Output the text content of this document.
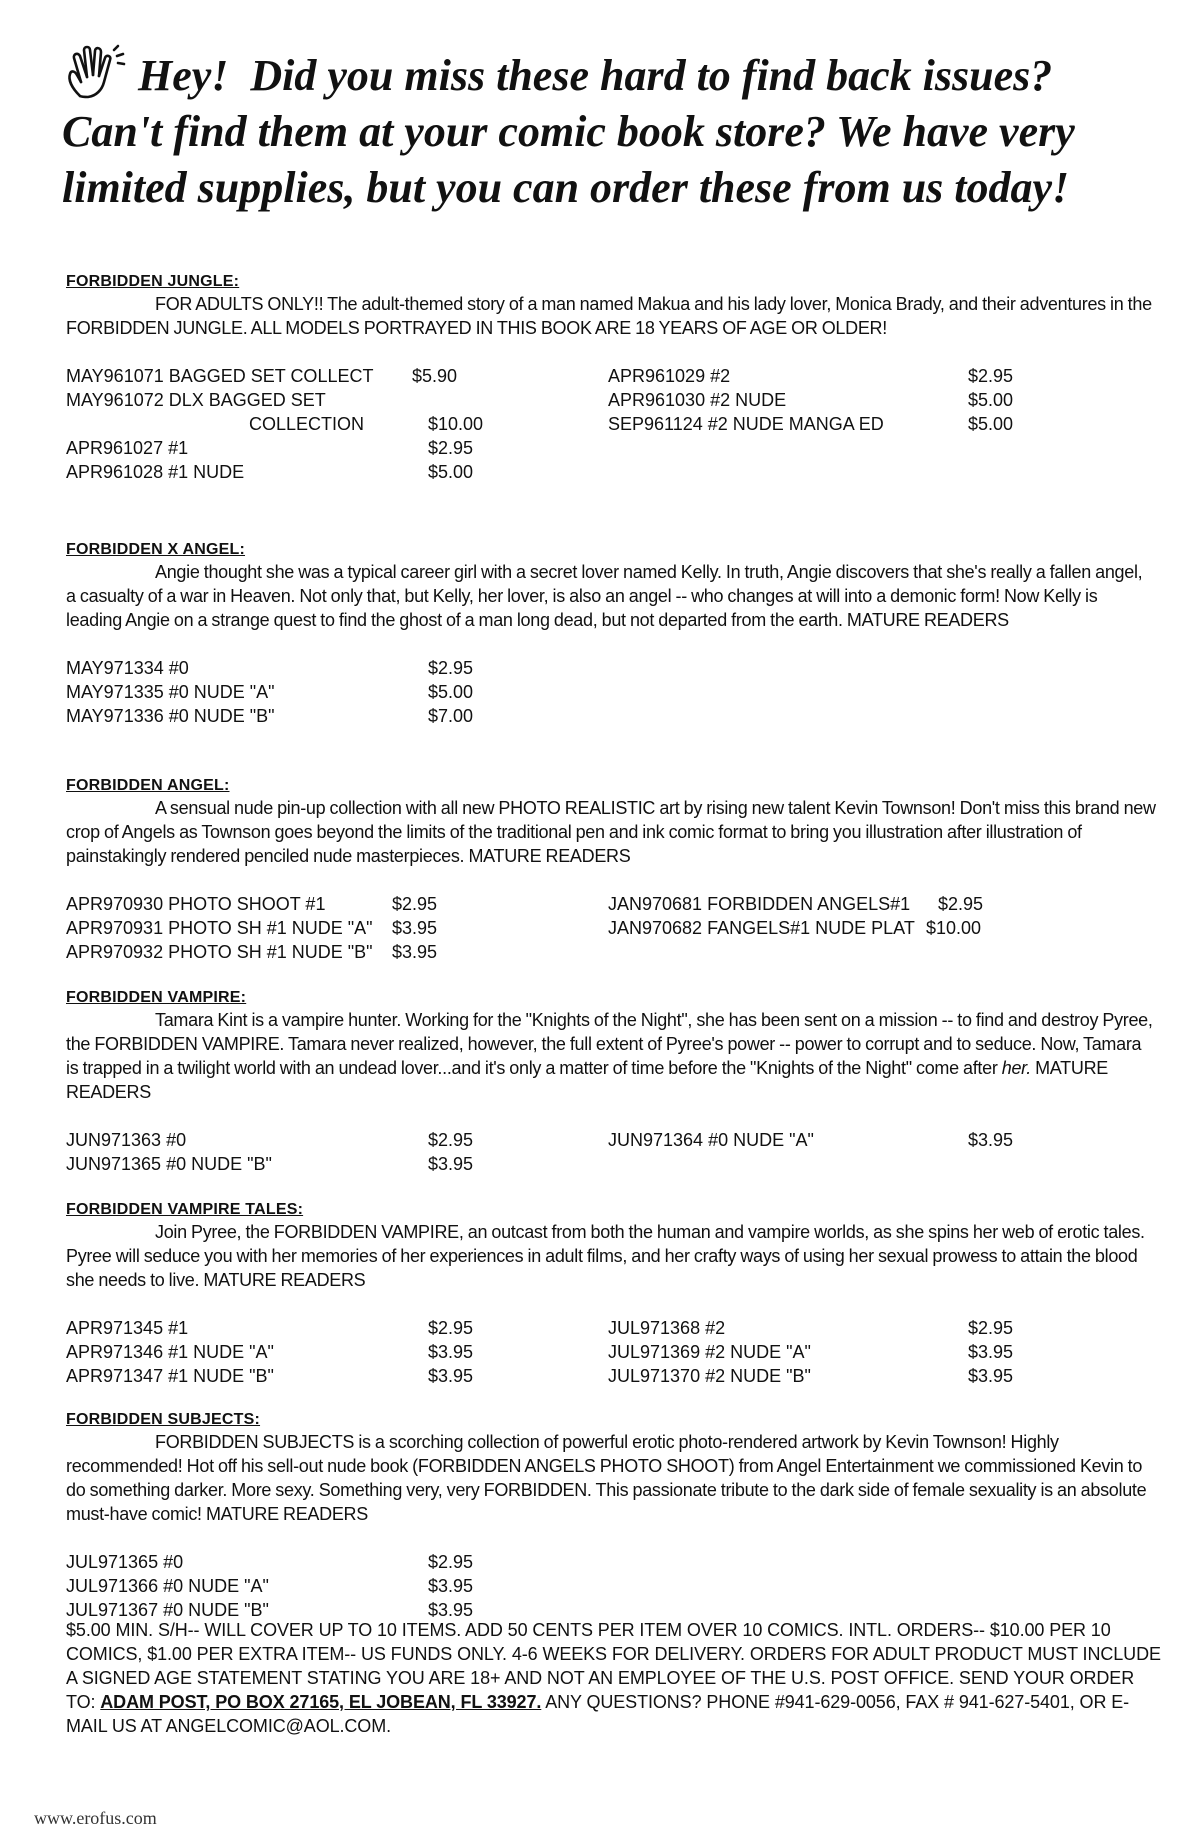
Hey! Did you miss these hard to find back issues?
Can't find them at your comic book store? We have very
limited supplies, but you can order these from us today!

FORBIDDEN JUNGLE:

FOR ADULTS ONLY!! The adult-themed story of a man named Makua and his lady lover, Monica Brady, and their adventures in the FORBIDDEN JUNGLE. ALL MODELS PORTRAYED IN THIS BOOK ARE 18 YEARS OF AGE OR OLDER!

MAY961071 BAGGED SET COLLECT $5.90
MAY961072 DLX BAGGED SET
COLLECTION	$10.00
APR961027 #1	$2.95
APR961028 #1 NUDE	$5.00
APR961029 #2	$2.95
APR961030 #2 NUDE	$5.00
SEP961124 #2 NUDE MANGA ED	$5.00

FORBIDDEN X ANGEL:

Angie thought she was a typical career girl with a secret lover named Kelly. In truth, Angie discovers that she's really a fallen angel, a casualty of a war in Heaven. Not only that, but Kelly, her lover, is also an angel -- who changes at will into a demonic form! Now Kelly is leading Angie on a strange quest to find the ghost of a man long dead, but not departed from the earth. MATURE READERS

MAY971334 #0	$2.95
MAY971335 #0 NUDE "A"	$5.00
MAY971336 #0 NUDE "B"	$7.00

FORBIDDEN ANGEL:

A sensual nude pin-up collection with all new PHOTO REALISTIC art by rising new talent Kevin Townson! Don't miss this brand new crop of Angels as Townson goes beyond the limits of the traditional pen and ink comic format to bring you illustration after illustration of painstakingly rendered penciled nude masterpieces. MATURE READERS

APR970930 PHOTO SHOOT #1	$2.95
APR970931 PHOTO SH #1 NUDE "A" $3.95
APR970932 PHOTO SH #1 NUDE "B" $3.95
JAN970681 FORBIDDEN ANGELS#1 $2.95
JAN970682 FANGELS#1 NUDE PLAT $10.00

FORBIDDEN VAMPIRE:

Tamara Kint is a vampire hunter. Working for the "Knights of the Night", she has been sent on a mission -- to find and destroy Pyree, the FORBIDDEN VAMPIRE. Tamara never realized, however, the full extent of Pyree's power -- power to corrupt and to seduce. Now, Tamara is trapped in a twilight world with an undead lover...and it's only a matter of time before the "Knights of the Night" come after her. MATURE READERS

JUN971363 #0	$2.95
JUN971365 #0 NUDE "B"	$3.95
JUN971364 #0 NUDE "A"	$3.95

FORBIDDEN VAMPIRE TALES:

Join Pyree, the FORBIDDEN VAMPIRE, an outcast from both the human and vampire worlds, as she spins her web of erotic tales. Pyree will seduce you with her memories of her experiences in adult films, and her crafty ways of using her sexual prowess to attain the blood she needs to live. MATURE READERS

APR971345 #1	$2.95
APR971346 #1 NUDE "A"	$3.95
APR971347 #1 NUDE "B"	$3.95
JUL971368 #2	$2.95
JUL971369 #2 NUDE "A"	$3.95
JUL971370 #2 NUDE "B"	$3.95

FORBIDDEN SUBJECTS:

FORBIDDEN SUBJECTS is a scorching collection of powerful erotic photo-rendered artwork by Kevin Townson! Highly recommended! Hot off his sell-out nude book (FORBIDDEN ANGELS PHOTO SHOOT) from Angel Entertainment we commissioned Kevin to do something darker. More sexy. Something very, very FORBIDDEN. This passionate tribute to the dark side of female sexuality is an absolute must-have comic! MATURE READERS

JUL971365 #0	$2.95
JUL971366 #0 NUDE "A"	$3.95
JUL971367 #0 NUDE "B"	$3.95

$5.00 MIN. S/H-- WILL COVER UP TO 10 ITEMS. ADD 50 CENTS PER ITEM OVER 10 COMICS. INTL. ORDERS-- $10.00 PER 10 COMICS, $1.00 PER EXTRA ITEM-- US FUNDS ONLY. 4-6 WEEKS FOR DELIVERY. ORDERS FOR ADULT PRODUCT MUST INCLUDE A SIGNED AGE STATEMENT STATING YOU ARE 18+ AND NOT AN EMPLOYEE OF THE U.S. POST OFFICE. SEND YOUR ORDER TO: ADAM POST, PO BOX 27165, EL JOBEAN, FL 33927. ANY QUESTIONS? PHONE #941-629-0056, FAX # 941-627-5401, OR E-MAIL US AT ANGELCOMIC@AOL.COM.

www.erofus.com
